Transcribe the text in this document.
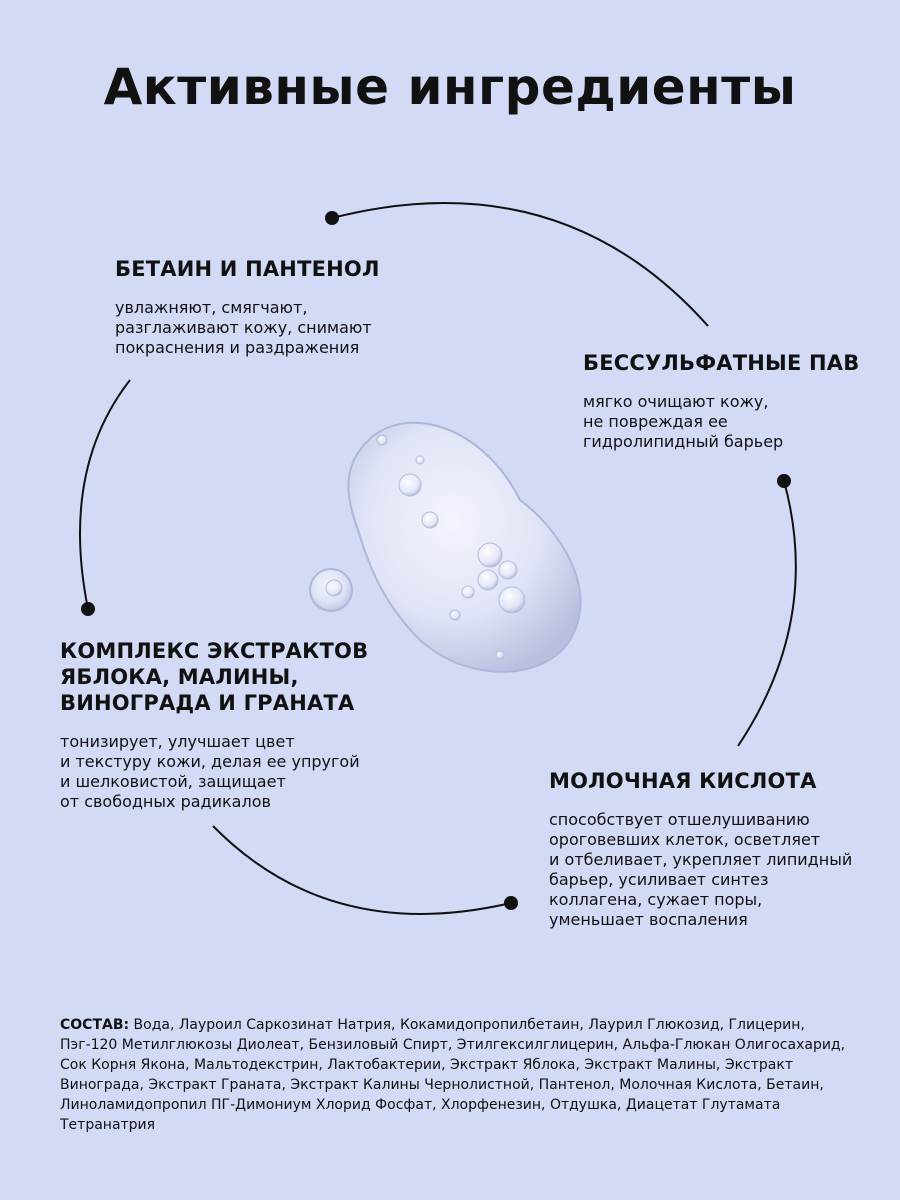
Активные ингредиенты
БЕТАИН И ПАНТЕНОЛ

увлажняют, смягчают,
разглаживают кожу, снимают
покраснения и раздражения

БЕССУЛЬФАТНЫЕ ПАВ

мягко очищают кожу,
не повреждая ее
гидролипидный барьер

КОМПЛЕКС ЭКСТРАКТОВ
ЯБЛОКА, МАЛИНЫ,
ВИНОГРАДА И ГРАНАТА

тонизирует, улучшает цвет
и текстуру кожи, делая ее упругой
и шелковистой, защищает
от свободных радикалов

МОЛОЧНАЯ КИСЛОТА

способствует отшелушиванию
ороговевших клеток, осветляет
и отбеливает, укрепляет липидный
барьер, усиливает синтез
коллагена, сужает поры,
уменьшает воспаления

СОСТАВ: Вода, Лауроил Саркозинат Натрия, Кокамидопропилбетаин, Лаурил Глюкозид, Глицерин, Пэг-120 Метилглюкозы Диолеат, Бензиловый Спирт, Этилгексилглицерин, Альфа-Глюкан Олигосахарид, Сок Корня Якона, Мальтодекстрин, Лактобактерии, Экстракт Яблока, Экстракт Малины, Экстракт Винограда, Экстракт Граната, Экстракт Калины Чернолистной, Пантенол, Молочная Кислота, Бетаин, Линоламидопропил ПГ-Димониум Хлорид Фосфат, Хлорфенезин, Отдушка, Диацетат Глутамата Тетранатрия
